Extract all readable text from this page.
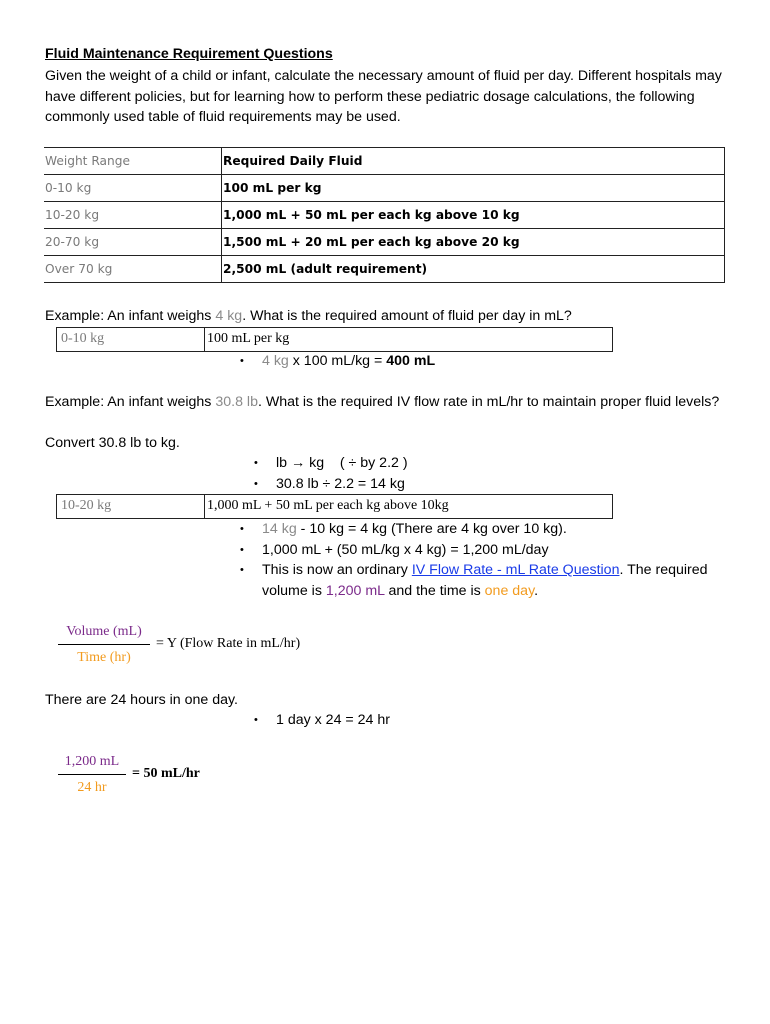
Fluid Maintenance Requirement Questions
Given the weight of a child or infant, calculate the necessary amount of fluid per day. Different hospitals may have different policies, but for learning how to perform these pediatric dosage calculations, the following commonly used table of fluid requirements may be used.
Weight Range	Required Daily Fluid
0-10 kg	100 mL per kg
10-20 kg	1,000 mL + 50 mL per each kg above 10 kg
20-70 kg	1,500 mL + 20 mL per each kg above 20 kg
Over 70 kg	2,500 mL (adult requirement)
Example: An infant weighs 4 kg. What is the required amount of fluid per day in mL?
0-10 kg	100 mL per kg
• 4 kg x 100 mL/kg = 400 mL
Example: An infant weighs 30.8 lb. What is the required IV flow rate in mL/hr to maintain proper fluid levels?
Convert 30.8 lb to kg.
• lb → kg    ( ÷ by 2.2 )
• 30.8 lb ÷ 2.2 = 14 kg
10-20 kg	1,000 mL + 50 mL per each kg above 10kg
• 14 kg - 10 kg = 4 kg (There are 4 kg over 10 kg).
• 1,000 mL + (50 mL/kg x 4 kg) = 1,200 mL/day
• This is now an ordinary IV Flow Rate - mL Rate Question. The required volume is 1,200 mL and the time is one day.
Volume (mL)
Time (hr)
= Y (Flow Rate in mL/hr)
There are 24 hours in one day.
• 1 day x 24 = 24 hr
1,200 mL
24 hr
= 50 mL/hr
